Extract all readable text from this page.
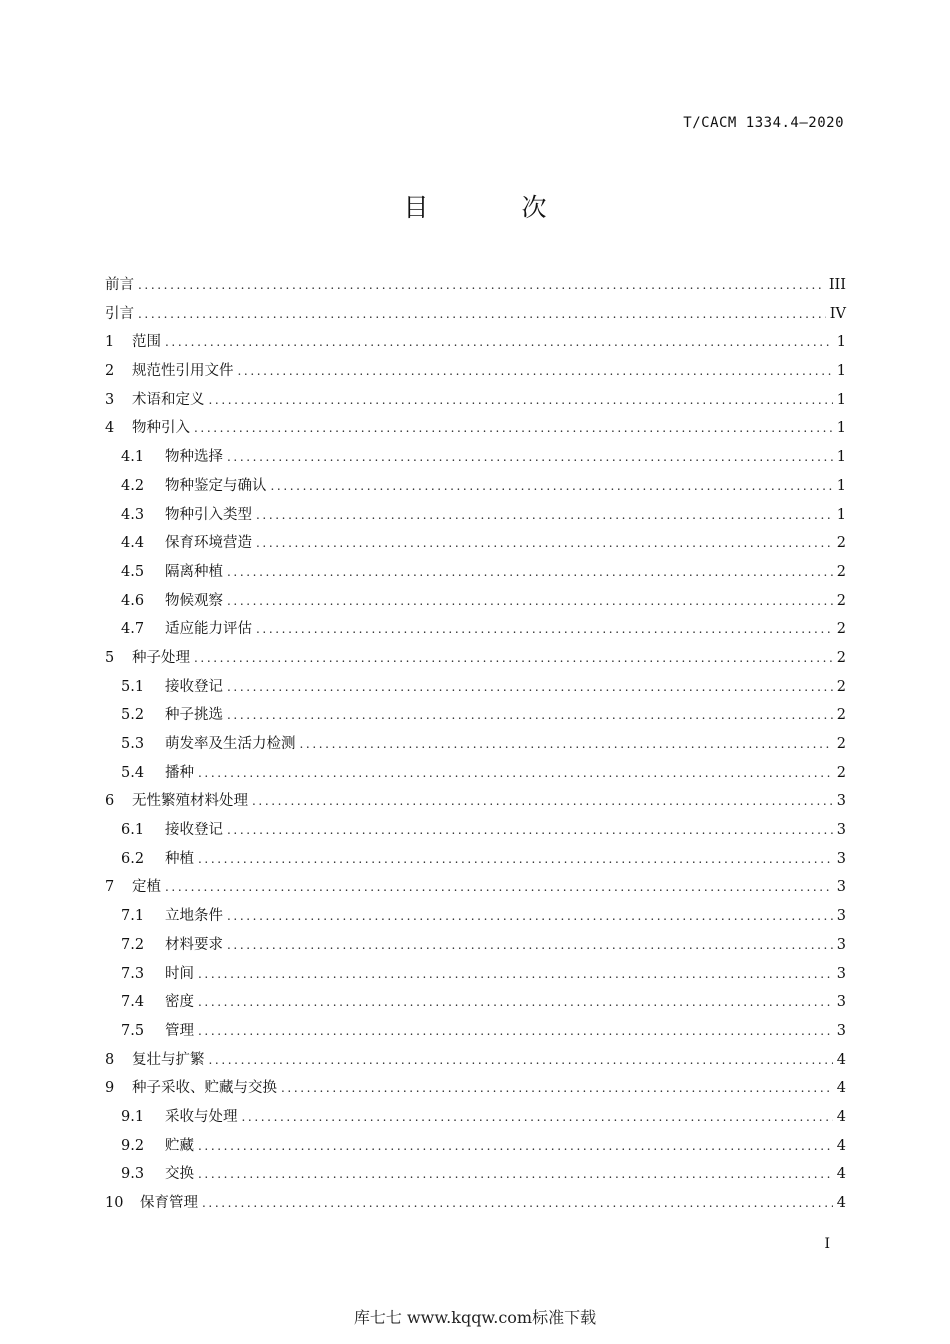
T/CACM 1334.4—2020
目　次
前言 .....	III
引言 .....	IV
1	范围 .....	1
2	规范性引用文件 .....	1
3	术语和定义 .....	1
4	物种引入 .....	1
4.1	物种选择 .....	1
4.2	物种鉴定与确认 .....	1
4.3	物种引入类型 .....	1
4.4	保育环境营造 .....	2
4.5	隔离种植 .....	2
4.6	物候观察 .....	2
4.7	适应能力评估 .....	2
5	种子处理 .....	2
5.1	接收登记 .....	2
5.2	种子挑选 .....	2
5.3	萌发率及生活力检测 .....	2
5.4	播种 .....	2
6	无性繁殖材料处理 .....	3
6.1	接收登记 .....	3
6.2	种植 .....	3
7	定植 .....	3
7.1	立地条件 .....	3
7.2	材料要求 .....	3
7.3	时间 .....	3
7.4	密度 .....	3
7.5	管理 .....	3
8	复壮与扩繁 .....	4
9	种子采收、贮藏与交换 .....	4
9.1	采收与处理 .....	4
9.2	贮藏 .....	4
9.3	交换 .....	4
10	保育管理 .....	4
I
库七七 www.kqqw.com标准下载
